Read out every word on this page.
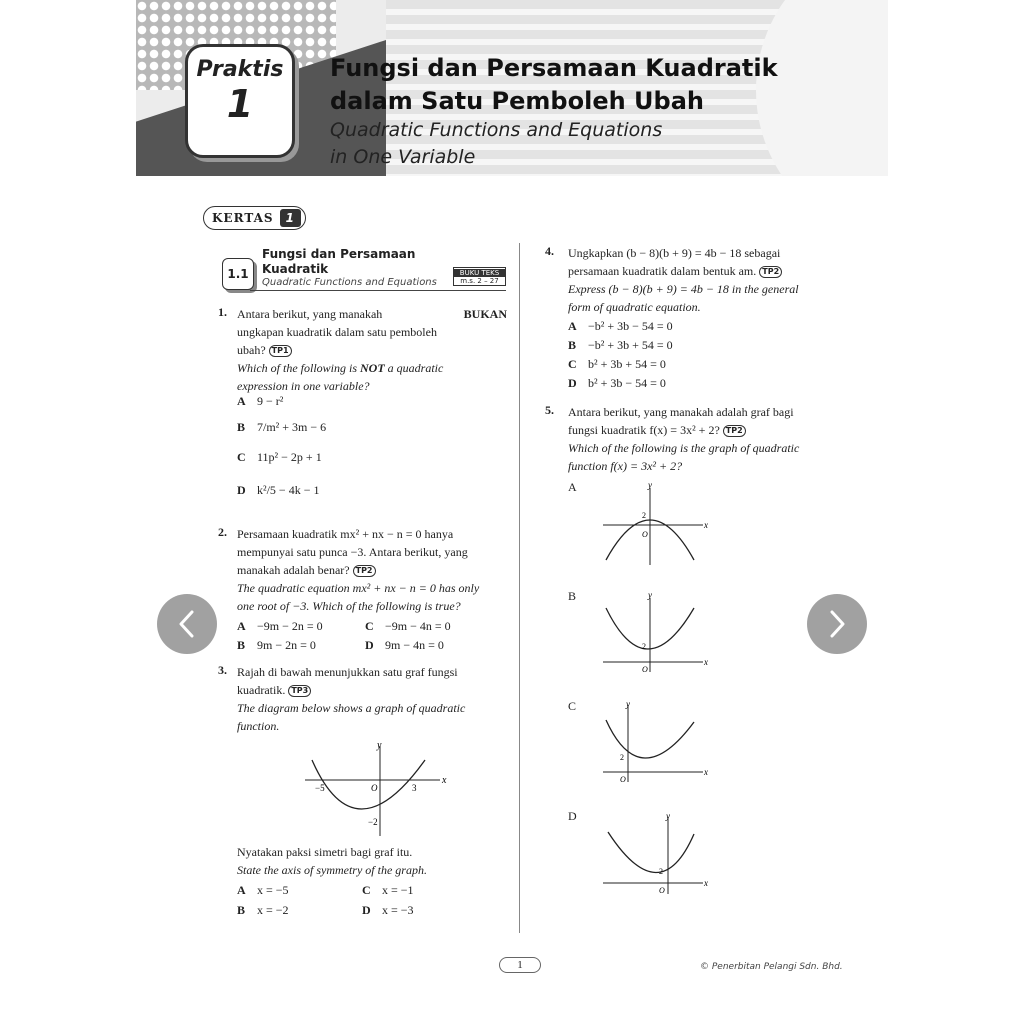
Praktis
1
Fungsi dan Persamaan Kuadratik
dalam Satu Pemboleh Ubah
Quadratic Functions and Equations
in One Variable
KERTAS	1
1.1
Fungsi dan Persamaan
Kuadratik
Quadratic Functions and Equations
BUKU TEKS
m.s. 2 – 27
1. Antara berikut, yang manakah	BUKAN
ungkapan kuadratik dalam satu pemboleh
ubah? TP1
Which of the following is NOT a quadratic
expression in one variable?
A 9 − r²
B 7/m² + 3m − 6
C 11p² − 2p + 1
D k²/5 − 4k − 1
2. Persamaan kuadratik mx² + nx − n = 0 hanya
mempunyai satu punca −3. Antara berikut, yang
manakah adalah benar? TP2
The quadratic equation mx² + nx − n = 0 has only
one root of −3. Which of the following is true?
A −9m − 2n = 0	C −9m − 4n = 0
B 9m − 2n = 0	D 9m − 4n = 0
3. Rajah di bawah menunjukkan satu graf fungsi
kuadratik. TP3
The diagram below shows a graph of quadratic
function.
x
y
O
−5	3
−2
Nyatakan paksi simetri bagi graf itu.
State the axis of symmetry of the graph.
A x = −5	C x = −1
B x = −2	D x = −3
4. Ungkapkan (b − 8)(b + 9) = 4b − 18 sebagai
persamaan kuadratik dalam bentuk am. TP2
Express (b − 8)(b + 9) = 4b − 18 in the general
form of quadratic equation.
A −b² + 3b − 54 = 0
B −b² + 3b + 54 = 0
C b² + 3b + 54 = 0
D b² + 3b − 54 = 0
5. Antara berikut, yang manakah adalah graf bagi
fungsi kuadratik f(x) = 3x² + 2? TP2
Which of the following is the graph of quadratic
function f(x) = 3x² + 2?
A
x
y
O
2
B
x
y
O
2
C
x
y
O
2
D
x
y
O
2
1	© Penerbitan Pelangi Sdn. Bhd.
